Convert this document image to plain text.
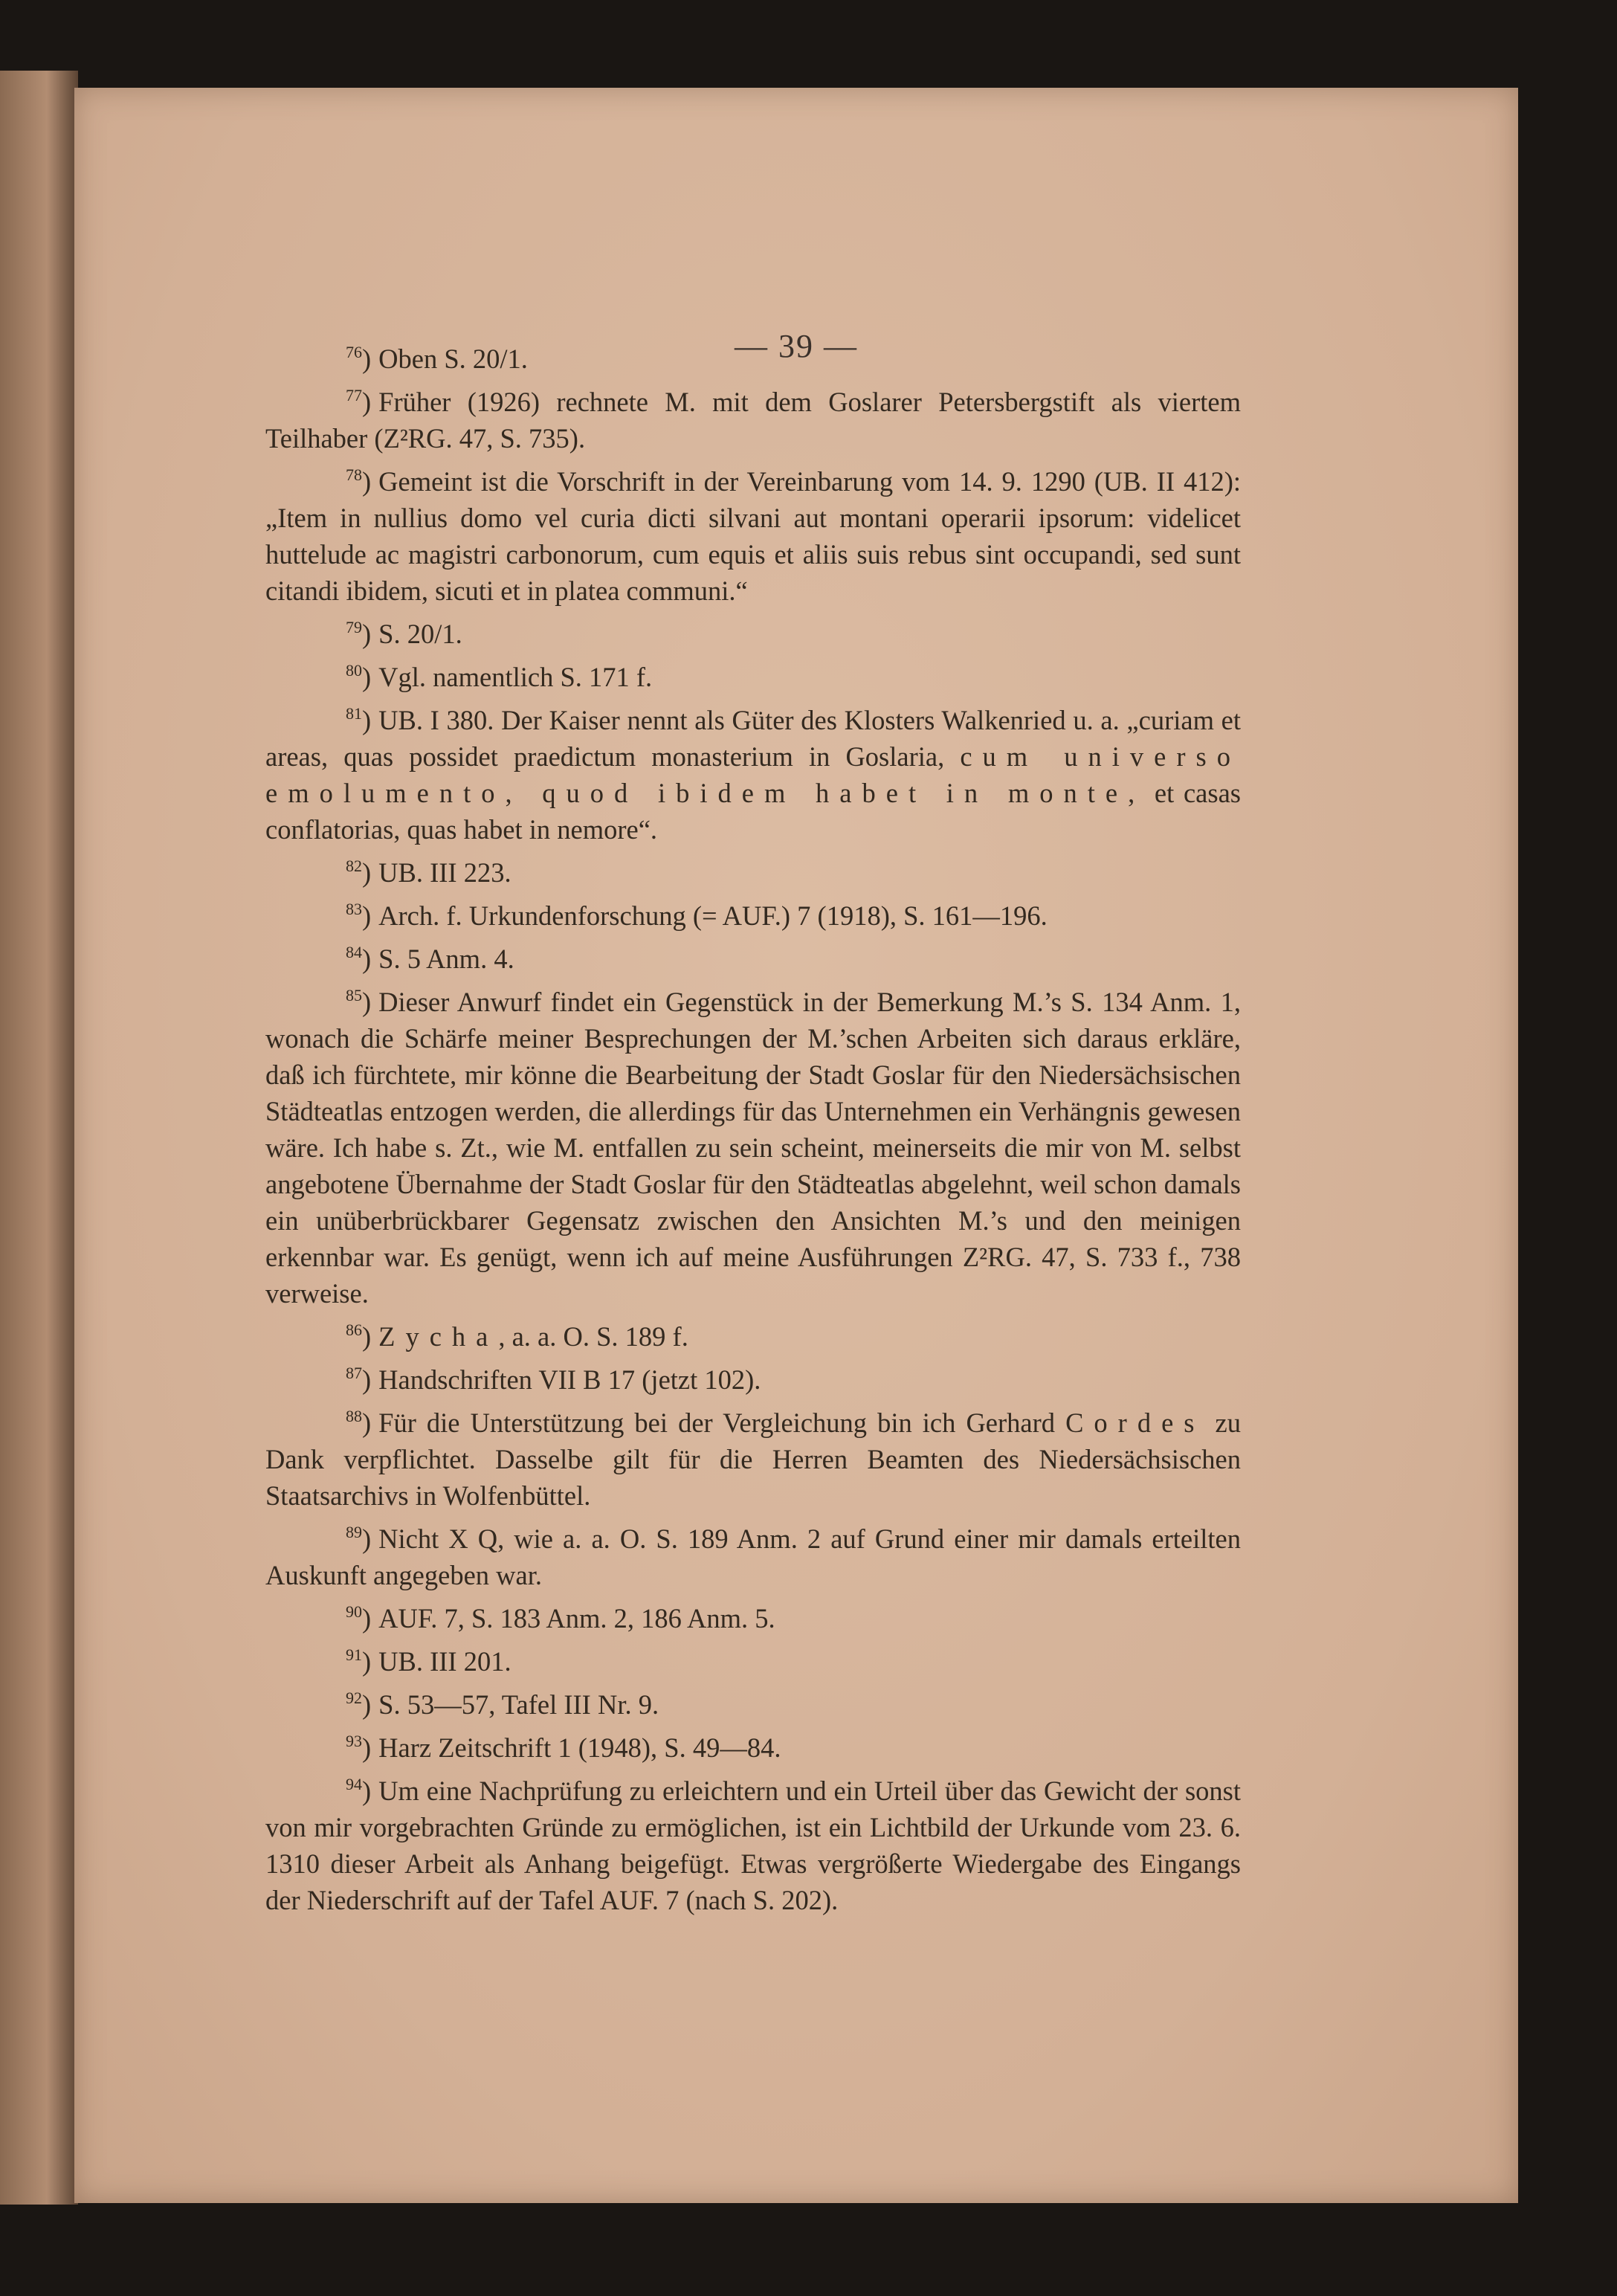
— 39 —

$^{76}$) Oben S. 20/1.

$^{77}$) Früher (1926) rechnete M. mit dem Goslarer Petersbergstift als viertem Teilhaber (Z²RG. 47, S. 735).

$^{78}$) Gemeint ist die Vorschrift in der Vereinbarung vom 14. 9. 1290 (UB. II 412): „Item in nullius domo vel curia dicti silvani aut montani operarii ipsorum: videlicet huttelude ac magistri carbonorum, cum equis et aliis suis rebus sint occupandi, sed sunt citandi ibidem, sicuti et in platea communi.“

$^{79}$) S. 20/1.

$^{80}$) Vgl. namentlich S. 171 f.

$^{81}$) UB. I 380. Der Kaiser nennt als Güter des Klosters Walkenried u. a. „curiam et areas, quas possidet praedictum monasterium in Goslaria, cum universo emolumento, quod ibidem habet in monte, et casas conflatorias, quas habet in nemore“.

$^{82}$) UB. III 223.

$^{83}$) Arch. f. Urkundenforschung (= AUF.) 7 (1918), S. 161—196.

$^{84}$) S. 5 Anm. 4.

$^{85}$) Dieser Anwurf findet ein Gegenstück in der Bemerkung M.’s S. 134 Anm. 1, wonach die Schärfe meiner Besprechungen der M.’schen Arbeiten sich daraus erkläre, daß ich fürchtete, mir könne die Bearbeitung der Stadt Goslar für den Niedersächsischen Städteatlas entzogen werden, die allerdings für das Unternehmen ein Verhängnis gewesen wäre. Ich habe s. Zt., wie M. entfallen zu sein scheint, meinerseits die mir von M. selbst angebotene Übernahme der Stadt Goslar für den Städteatlas abgelehnt, weil schon damals ein unüberbrückbarer Gegensatz zwischen den Ansichten M.’s und den meinigen erkennbar war. Es genügt, wenn ich auf meine Ausführungen Z²RG. 47, S. 733 f., 738 verweise.

$^{86}$) Zycha, a. a. O. S. 189 f.

$^{87}$) Handschriften VII B 17 (jetzt 102).

$^{88}$) Für die Unterstützung bei der Vergleichung bin ich Gerhard Cordes zu Dank verpflichtet. Dasselbe gilt für die Herren Beamten des Niedersächsischen Staatsarchivs in Wolfenbüttel.

$^{89}$) Nicht X Q, wie a. a. O. S. 189 Anm. 2 auf Grund einer mir damals erteilten Auskunft angegeben war.

$^{90}$) AUF. 7, S. 183 Anm. 2, 186 Anm. 5.

$^{91}$) UB. III 201.

$^{92}$) S. 53—57, Tafel III Nr. 9.

$^{93}$) Harz Zeitschrift 1 (1948), S. 49—84.

$^{94}$) Um eine Nachprüfung zu erleichtern und ein Urteil über das Gewicht der sonst von mir vorgebrachten Gründe zu ermöglichen, ist ein Lichtbild der Urkunde vom 23. 6. 1310 dieser Arbeit als Anhang beigefügt. Etwas vergrößerte Wiedergabe des Eingangs der Niederschrift auf der Tafel AUF. 7 (nach S. 202).
